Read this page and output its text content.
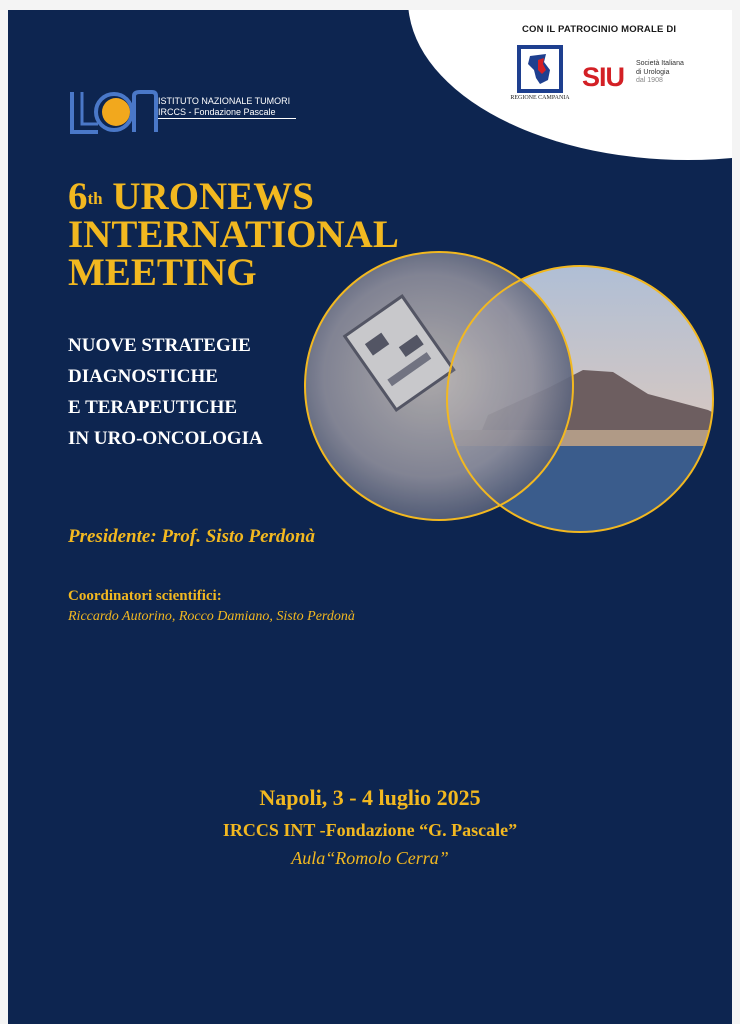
CON IL PATROCINIO MORALE DI
REGIONE CAMPANIA
SIU Società Italiana
di Urologia
dal 1908
ISTITUTO NAZIONALE TUMORI
IRCCS - Fondazione Pascale
6th URONEWS
INTERNATIONAL
MEETING
NUOVE STRATEGIE
DIAGNOSTICHE
E TERAPEUTICHE
IN URO-ONCOLOGIA
Presidente: Prof. Sisto Perdonà
Coordinatori scientifici:
Riccardo Autorino, Rocco Damiano, Sisto Perdonà
Napoli, 3 - 4 luglio 2025
IRCCS INT -Fondazione “G. Pascale”
Aula“Romolo Cerra”
